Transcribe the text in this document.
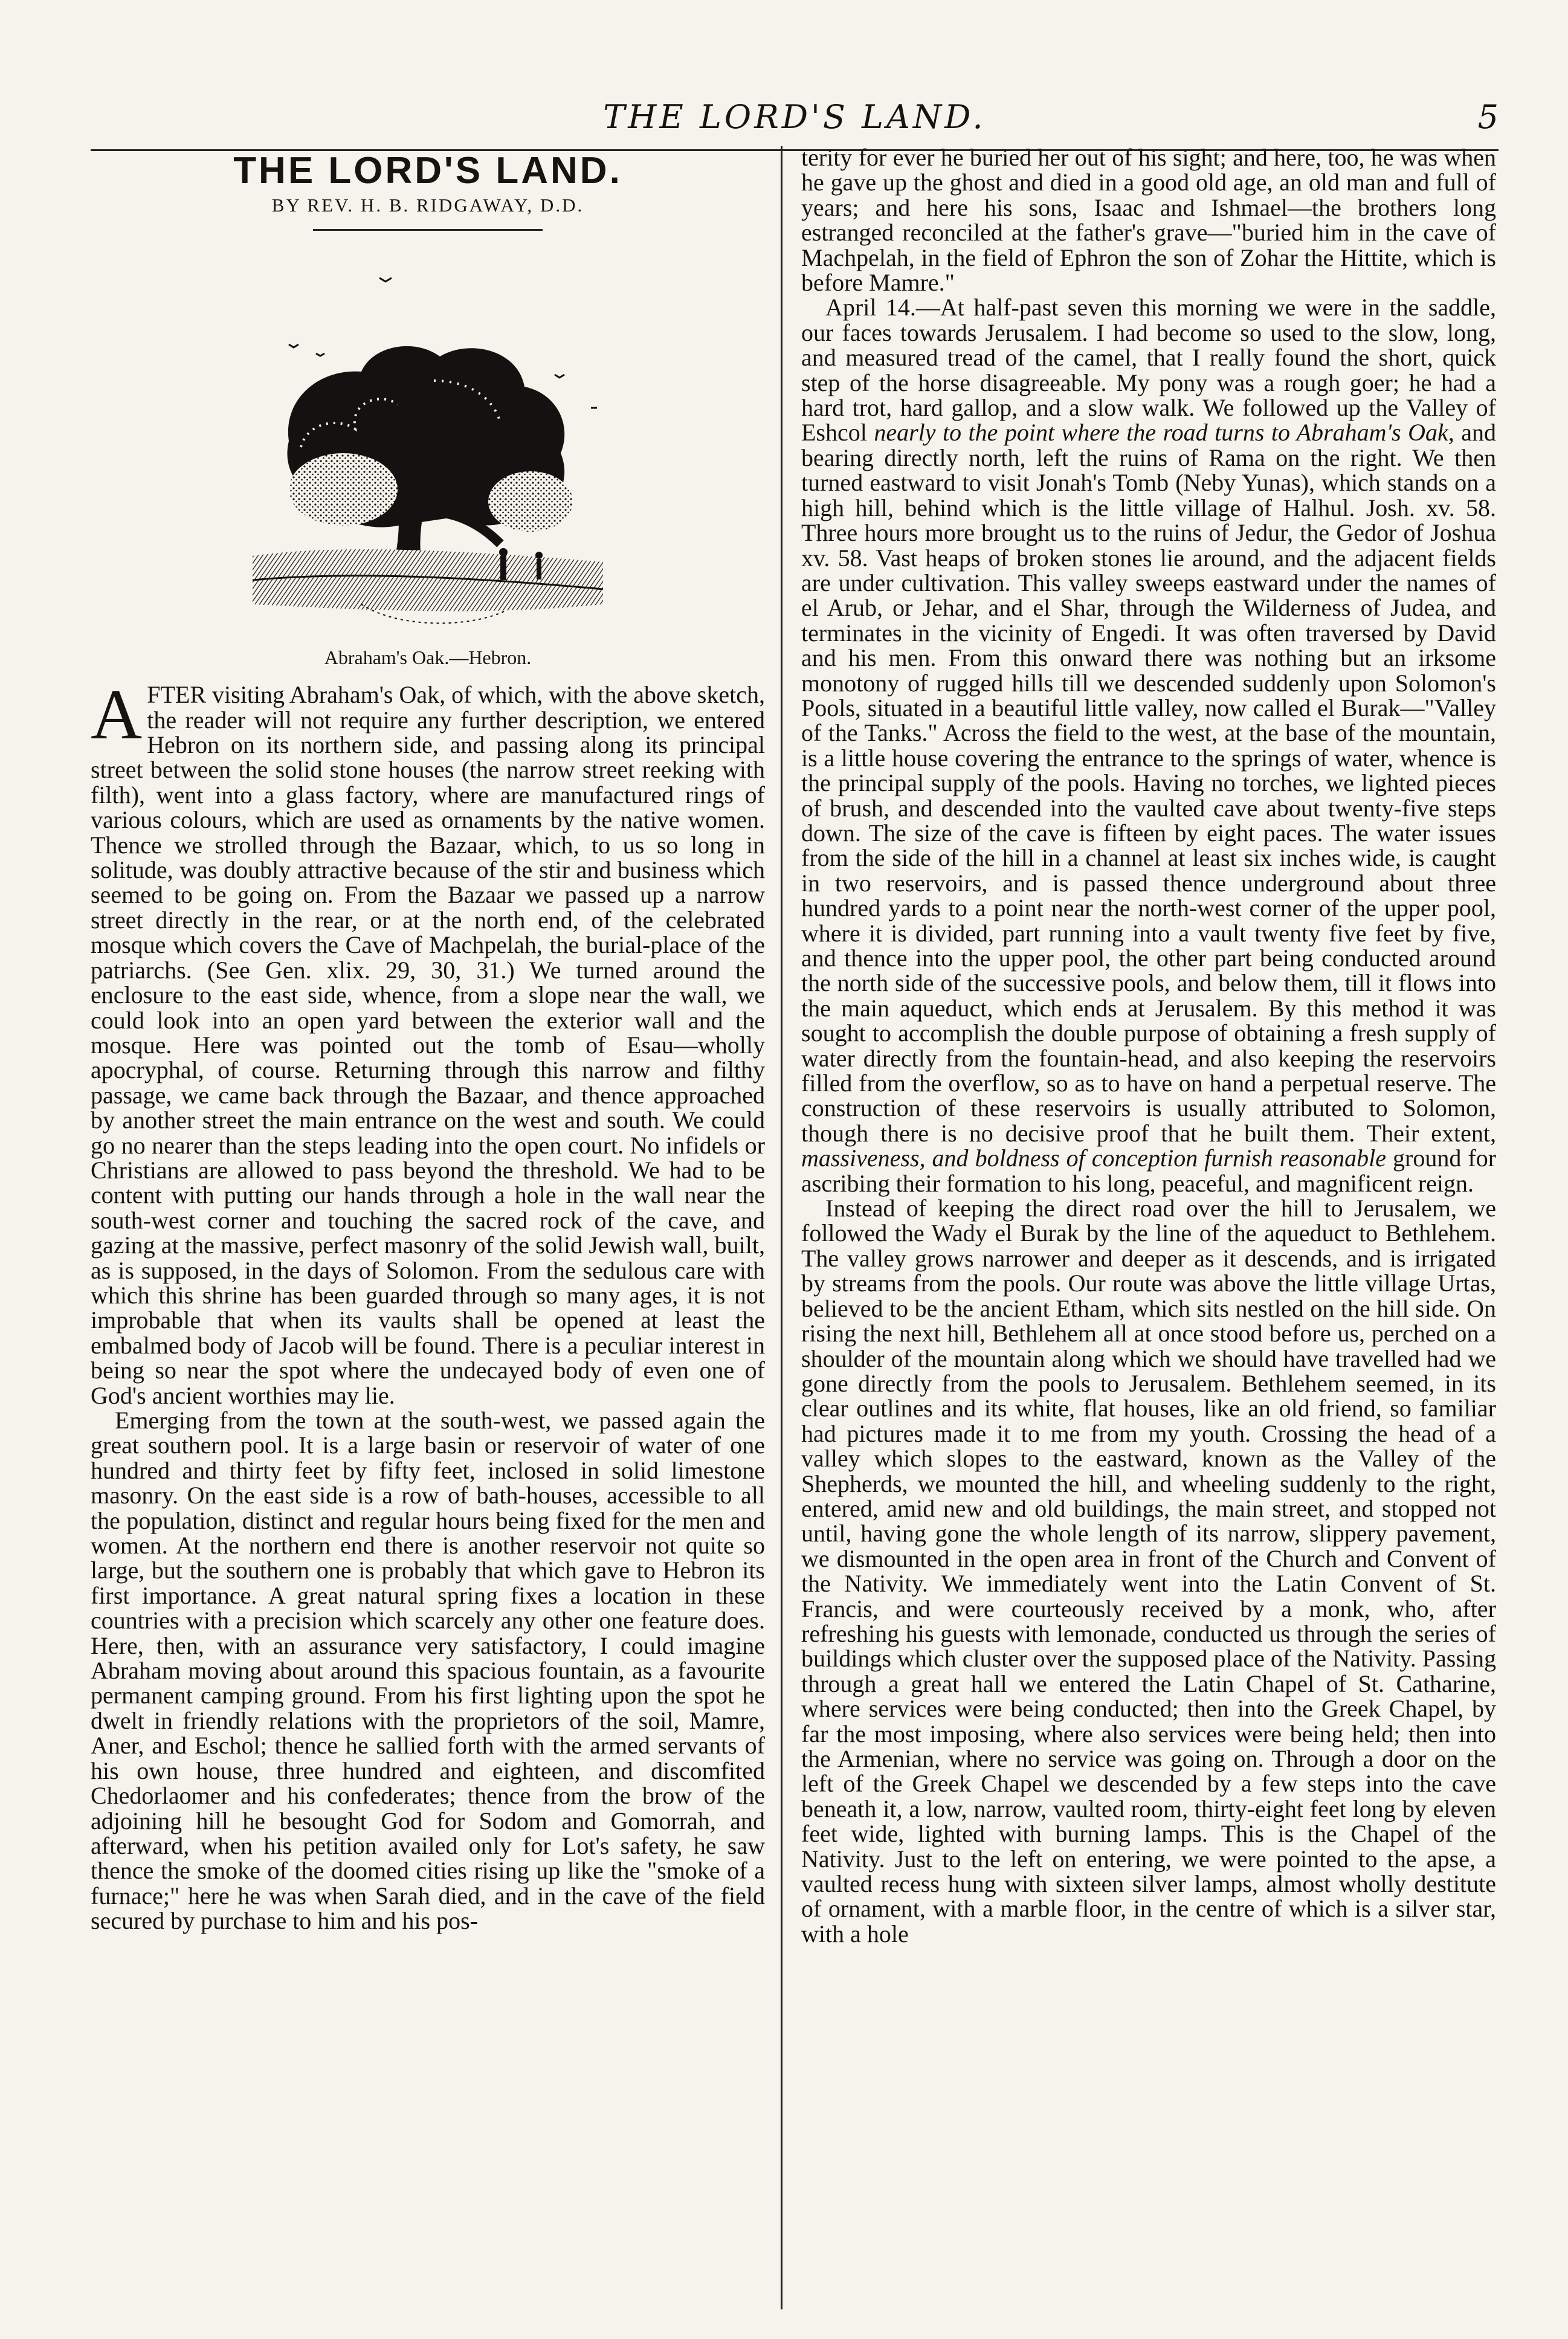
THE LORD'S LAND.	5
THE LORD'S LAND.
BY REV. H. B. RIDGAWAY, D.D.
Abraham's Oak.—Hebron.

AFTER visiting Abraham's Oak, of which, with the above sketch, the reader will not require any further description, we entered Hebron on its northern side, and passing along its principal street between the solid stone houses (the narrow street reeking with filth), went into a glass factory, where are manufactured rings of various colours, which are used as ornaments by the native women. Thence we strolled through the Bazaar, which, to us so long in solitude, was doubly attractive because of the stir and business which seemed to be going on. From the Bazaar we passed up a narrow street directly in the rear, or at the north end, of the celebrated mosque which covers the Cave of Machpelah, the burial-place of the patriarchs. (See Gen. xlix. 29, 30, 31.) We turned around the enclosure to the east side, whence, from a slope near the wall, we could look into an open yard between the exterior wall and the mosque. Here was pointed out the tomb of Esau—wholly apocryphal, of course. Returning through this narrow and filthy passage, we came back through the Bazaar, and thence approached by another street the main entrance on the west and south. We could go no nearer than the steps leading into the open court. No infidels or Christians are allowed to pass beyond the threshold. We had to be content with putting our hands through a hole in the wall near the south-west corner and touching the sacred rock of the cave, and gazing at the massive, perfect masonry of the solid Jewish wall, built, as is supposed, in the days of Solomon. From the sedulous care with which this shrine has been guarded through so many ages, it is not improbable that when its vaults shall be opened at least the embalmed body of Jacob will be found. There is a peculiar interest in being so near the spot where the undecayed body of even one of God's ancient worthies may lie.

Emerging from the town at the south-west, we passed again the great southern pool. It is a large basin or reservoir of water of one hundred and thirty feet by fifty feet, inclosed in solid limestone masonry. On the east side is a row of bath-houses, accessible to all the population, distinct and regular hours being fixed for the men and women. At the northern end there is another reservoir not quite so large, but the southern one is probably that which gave to Hebron its first importance. A great natural spring fixes a location in these countries with a precision which scarcely any other one feature does. Here, then, with an assurance very satisfactory, I could imagine Abraham moving about around this spacious fountain, as a favourite permanent camping ground. From his first lighting upon the spot he dwelt in friendly relations with the proprietors of the soil, Mamre, Aner, and Eschol; thence he sallied forth with the armed servants of his own house, three hundred and eighteen, and discomfited Chedorlaomer and his confederates; thence from the brow of the adjoining hill he besought God for Sodom and Gomorrah, and afterward, when his petition availed only for Lot's safety, he saw thence the smoke of the doomed cities rising up like the "smoke of a furnace;" here he was when Sarah died, and in the cave of the field secured by purchase to him and his pos-

terity for ever he buried her out of his sight; and here, too, he was when he gave up the ghost and died in a good old age, an old man and full of years; and here his sons, Isaac and Ishmael—the brothers long estranged reconciled at the father's grave—"buried him in the cave of Machpelah, in the field of Ephron the son of Zohar the Hittite, which is before Mamre."

April 14.—At half-past seven this morning we were in the saddle, our faces towards Jerusalem. I had become so used to the slow, long, and measured tread of the camel, that I really found the short, quick step of the horse disagreeable. My pony was a rough goer; he had a hard trot, hard gallop, and a slow walk. We followed up the Valley of Eshcol nearly to the point where the road turns to Abraham's Oak, and bearing directly north, left the ruins of Rama on the right. We then turned eastward to visit Jonah's Tomb (Neby Yunas), which stands on a high hill, behind which is the little village of Halhul. Josh. xv. 58. Three hours more brought us to the ruins of Jedur, the Gedor of Joshua xv. 58. Vast heaps of broken stones lie around, and the adjacent fields are under cultivation. This valley sweeps eastward under the names of el Arub, or Jehar, and el Shar, through the Wilderness of Judea, and terminates in the vicinity of Engedi. It was often traversed by David and his men. From this onward there was nothing but an irksome monotony of rugged hills till we descended suddenly upon Solomon's Pools, situated in a beautiful little valley, now called el Burak—"Valley of the Tanks." Across the field to the west, at the base of the mountain, is a little house covering the entrance to the springs of water, whence is the principal supply of the pools. Having no torches, we lighted pieces of brush, and descended into the vaulted cave about twenty-five steps down. The size of the cave is fifteen by eight paces. The water issues from the side of the hill in a channel at least six inches wide, is caught in two reservoirs, and is passed thence underground about three hundred yards to a point near the north-west corner of the upper pool, where it is divided, part running into a vault twenty five feet by five, and thence into the upper pool, the other part being conducted around the north side of the successive pools, and below them, till it flows into the main aqueduct, which ends at Jerusalem. By this method it was sought to accomplish the double purpose of obtaining a fresh supply of water directly from the fountain-head, and also keeping the reservoirs filled from the overflow, so as to have on hand a perpetual reserve. The construction of these reservoirs is usually attributed to Solomon, though there is no decisive proof that he built them. Their extent, massiveness, and boldness of conception furnish reasonable ground for ascribing their formation to his long, peaceful, and magnificent reign.

Instead of keeping the direct road over the hill to Jerusalem, we followed the Wady el Burak by the line of the aqueduct to Bethlehem. The valley grows narrower and deeper as it descends, and is irrigated by streams from the pools. Our route was above the little village Urtas, believed to be the ancient Etham, which sits nestled on the hill side. On rising the next hill, Bethlehem all at once stood before us, perched on a shoulder of the mountain along which we should have travelled had we gone directly from the pools to Jerusalem. Bethlehem seemed, in its clear outlines and its white, flat houses, like an old friend, so familiar had pictures made it to me from my youth. Crossing the head of a valley which slopes to the eastward, known as the Valley of the Shepherds, we mounted the hill, and wheeling suddenly to the right, entered, amid new and old buildings, the main street, and stopped not until, having gone the whole length of its narrow, slippery pavement, we dismounted in the open area in front of the Church and Convent of the Nativity. We immediately went into the Latin Convent of St. Francis, and were courteously received by a monk, who, after refreshing his guests with lemonade, conducted us through the series of buildings which cluster over the supposed place of the Nativity. Passing through a great hall we entered the Latin Chapel of St. Catharine, where services were being conducted; then into the Greek Chapel, by far the most imposing, where also services were being held; then into the Armenian, where no service was going on. Through a door on the left of the Greek Chapel we descended by a few steps into the cave beneath it, a low, narrow, vaulted room, thirty-eight feet long by eleven feet wide, lighted with burning lamps. This is the Chapel of the Nativity. Just to the left on entering, we were pointed to the apse, a vaulted recess hung with sixteen silver lamps, almost wholly destitute of ornament, with a marble floor, in the centre of which is a silver star, with a hole
